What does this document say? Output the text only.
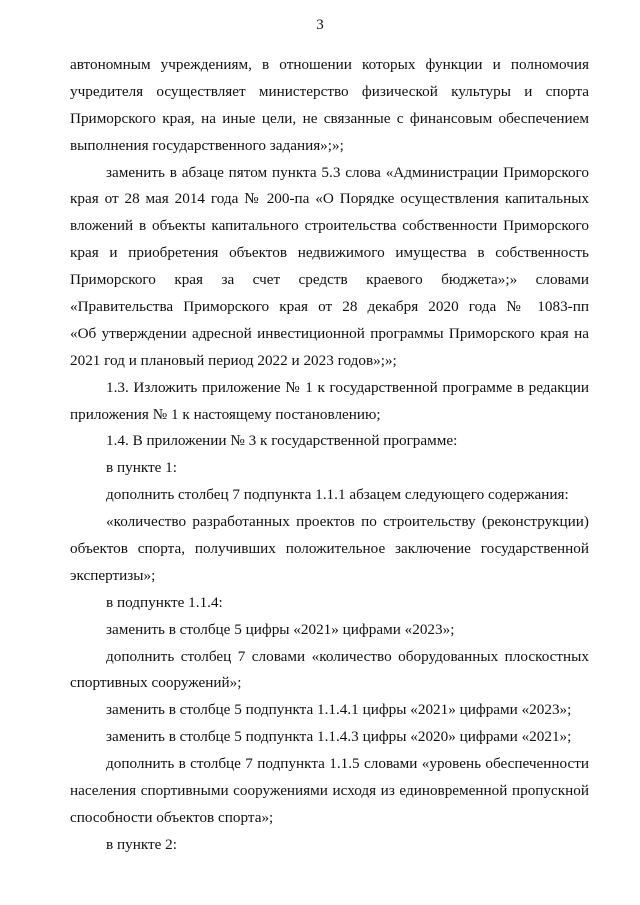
3
автономным учреждениям, в отношении которых функции и полномочия
учредителя осуществляет министерство физической культуры и спорта
Приморского края, на иные цели, не связанные с финансовым обеспечением
выполнения государственного задания»;»;
заменить в абзаце пятом пункта 5.3 слова «Администрации Приморского
края от 28 мая 2014 года № 200-па «О Порядке осуществления капитальных
вложений в объекты капитального строительства собственности Приморского
края и приобретения объектов недвижимого имущества в собственность
Приморского края за счет средств краевого бюджета»;» словами
«Правительства Приморского края от 28 декабря 2020 года № 1083-пп
«Об утверждении адресной инвестиционной программы Приморского края на
2021 год и плановый период 2022 и 2023 годов»;»;
1.3. Изложить приложение № 1 к государственной программе в редакции
приложения № 1 к настоящему постановлению;
1.4. В приложении № 3 к государственной программе:
в пункте 1:
дополнить столбец 7 подпункта 1.1.1 абзацем следующего содержания:
«количество разработанных проектов по строительству (реконструкции)
объектов спорта, получивших положительное заключение государственной
экспертизы»;
в подпункте 1.1.4:
заменить в столбце 5 цифры «2021» цифрами «2023»;
дополнить столбец 7 словами «количество оборудованных плоскостных
спортивных сооружений»;
заменить в столбце 5 подпункта 1.1.4.1 цифры «2021» цифрами «2023»;
заменить в столбце 5 подпункта 1.1.4.3 цифры «2020» цифрами «2021»;
дополнить в столбце 7 подпункта 1.1.5 словами «уровень обеспеченности
населения спортивными сооружениями исходя из единовременной пропускной
способности объектов спорта»;
в пункте 2:
